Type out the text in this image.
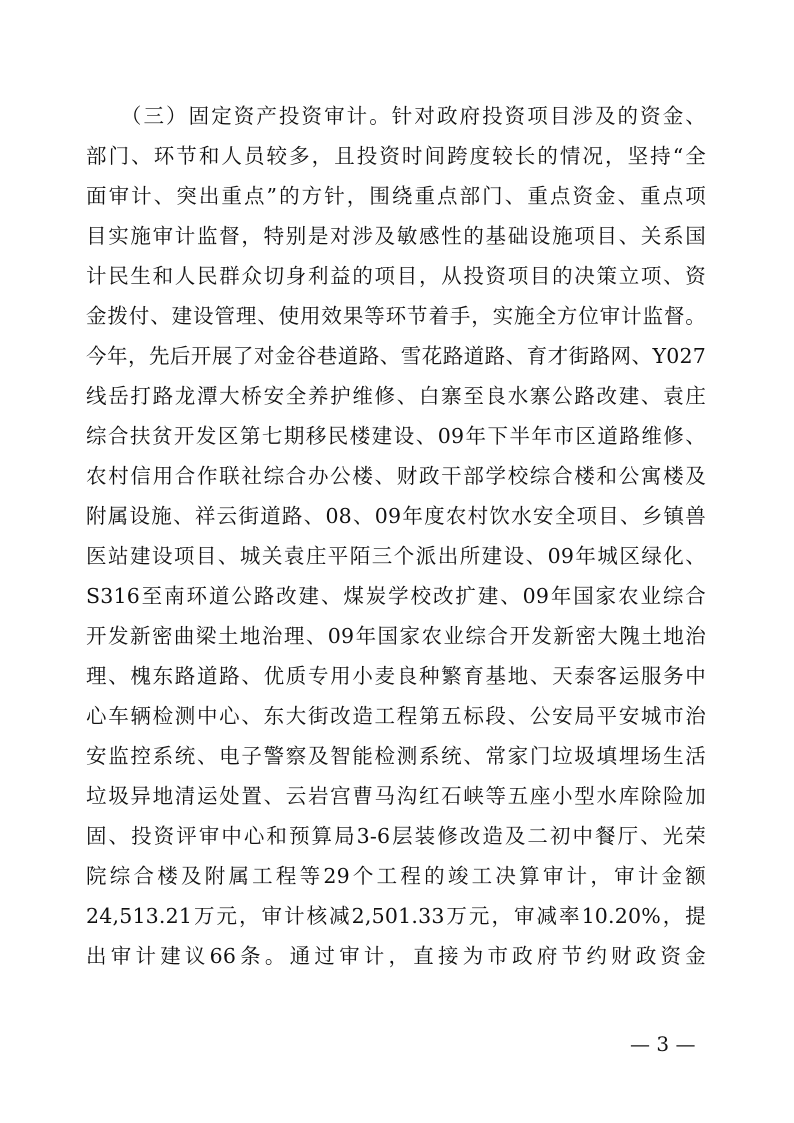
　　（三）固定资产投资审计。针对政府投资项目涉及的资金、
部门、环节和人员较多，且投资时间跨度较长的情况，坚持“全
面审计、突出重点”的方针，围绕重点部门、重点资金、重点项
目实施审计监督，特别是对涉及敏感性的基础设施项目、关系国
计民生和人民群众切身利益的项目，从投资项目的决策立项、资
金拨付、建设管理、使用效果等环节着手，实施全方位审计监督。
今年，先后开展了对金谷巷道路、雪花路道路、育才街路网、Y027
线岳打路龙潭大桥安全养护维修、白寨至良水寨公路改建、袁庄
综合扶贫开发区第七期移民楼建设、09年下半年市区道路维修、
农村信用合作联社综合办公楼、财政干部学校综合楼和公寓楼及
附属设施、祥云街道路、08、09年度农村饮水安全项目、乡镇兽
医站建设项目、城关袁庄平陌三个派出所建设、09年城区绿化、
S316至南环道公路改建、煤炭学校改扩建、09年国家农业综合
开发新密曲梁土地治理、09年国家农业综合开发新密大隗土地治
理、槐东路道路、优质专用小麦良种繁育基地、天泰客运服务中
心车辆检测中心、东大街改造工程第五标段、公安局平安城市治
安监控系统、电子警察及智能检测系统、常家门垃圾填埋场生活
垃圾异地清运处置、云岩宫曹马沟红石峡等五座小型水库除险加
固、投资评审中心和预算局3-6层装修改造及二初中餐厅、光荣
院综合楼及附属工程等29个工程的竣工决算审计，审计金额
24,513.21万元，审计核减2,501.33万元，审减率10.20%，提
出审计建议66条。通过审计，直接为市政府节约财政资金
— 3 —
